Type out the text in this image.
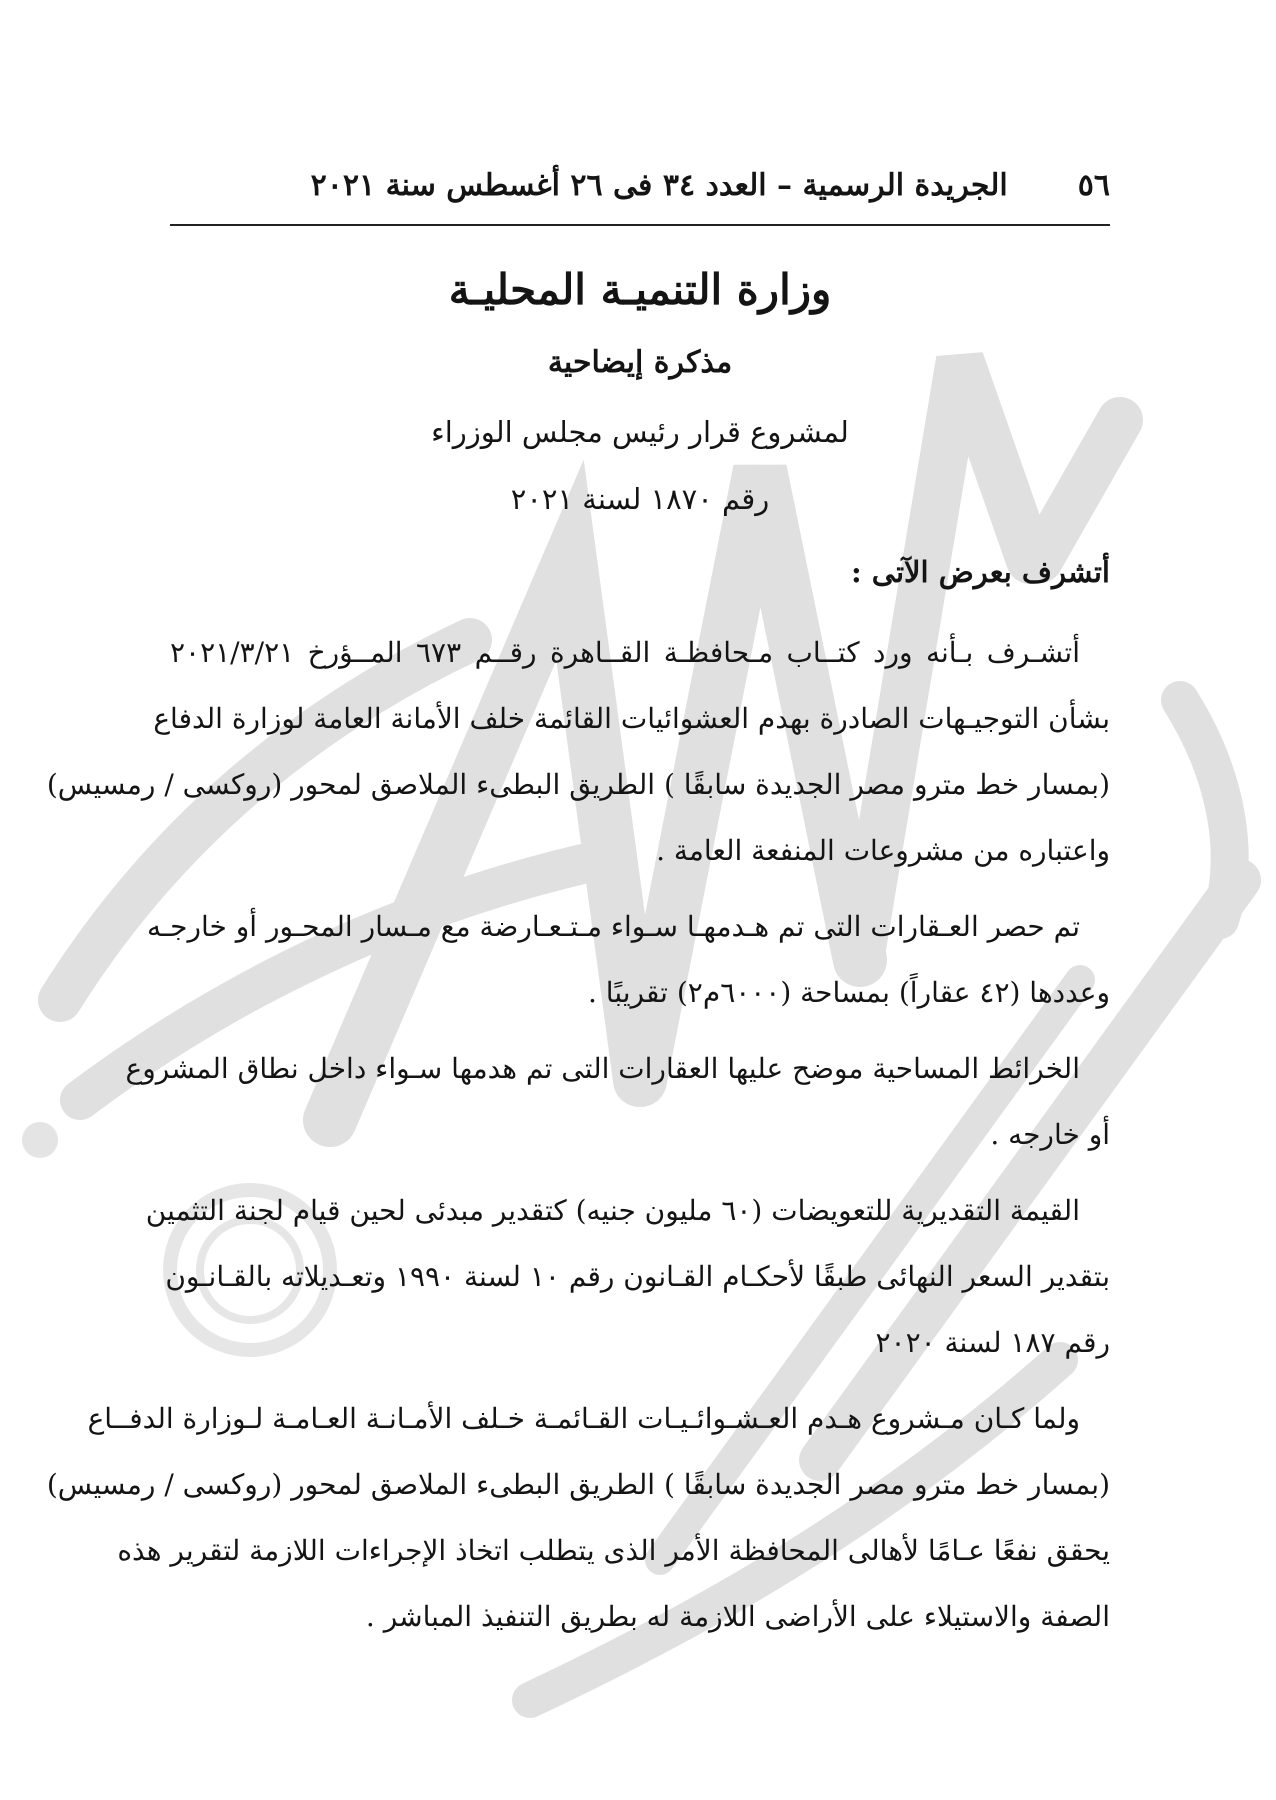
٥٦
الجريدة الرسمية – العدد ٣٤ فى ٢٦ أغسطس سنة ٢٠٢١
وزارة التنميـة المحليـة
مذكرة إيضاحية
لمشروع قرار رئيس مجلس الوزراء
رقم ١٨٧٠ لسنة ٢٠٢١
أتشرف بعرض الآتى :
أتشـرف بـأنه ورد كتــاب مـحافظـة القــاهرة رقــم ٦٧٣ المــؤرخ ٢٠٢١/٣/٢١
بشأن التوجيـهات الصادرة بهدم العشوائيات القائمة خلف الأمانة العامة لوزارة الدفاع
(بمسار خط مترو مصر الجديدة سابقًا ) الطريق البطىء الملاصق لمحور (روكسى / رمسيس)
واعتباره من مشروعات المنفعة العامة .
تم حصر العـقارات التى تم هـدمهـا سـواء مـتـعـارضة مع مـسار المحـور أو خارجـه
وعددها (٤٢ عقاراً) بمساحة (٦٠٠٠م٢) تقريبًا .
الخرائط المساحية موضح عليها العقارات التى تم هدمها سـواء داخل نطاق المشروع
أو خارجه .
القيمة التقديرية للتعويضات (٦٠ مليون جنيه) كتقدير مبدئى لحين قيام لجنة التثمين
بتقدير السعر النهائى طبقًا لأحكـام القـانون رقم ١٠ لسنة ١٩٩٠ وتعـديلاته بالقـانـون
رقم ١٨٧ لسنة ٢٠٢٠
ولما كـان مـشروع هـدم العـشـوائـيـات القـائمـة خـلف الأمـانـة العـامـة لـوزارة الدفــاع
(بمسار خط مترو مصر الجديدة سابقًا ) الطريق البطىء الملاصق لمحور (روكسى / رمسيس)
يحقق نفعًا عـامًا لأهالى المحافظة الأمر الذى يتطلب اتخاذ الإجراءات اللازمة لتقرير هذه
الصفة والاستيلاء على الأراضى اللازمة له بطريق التنفيذ المباشر .
